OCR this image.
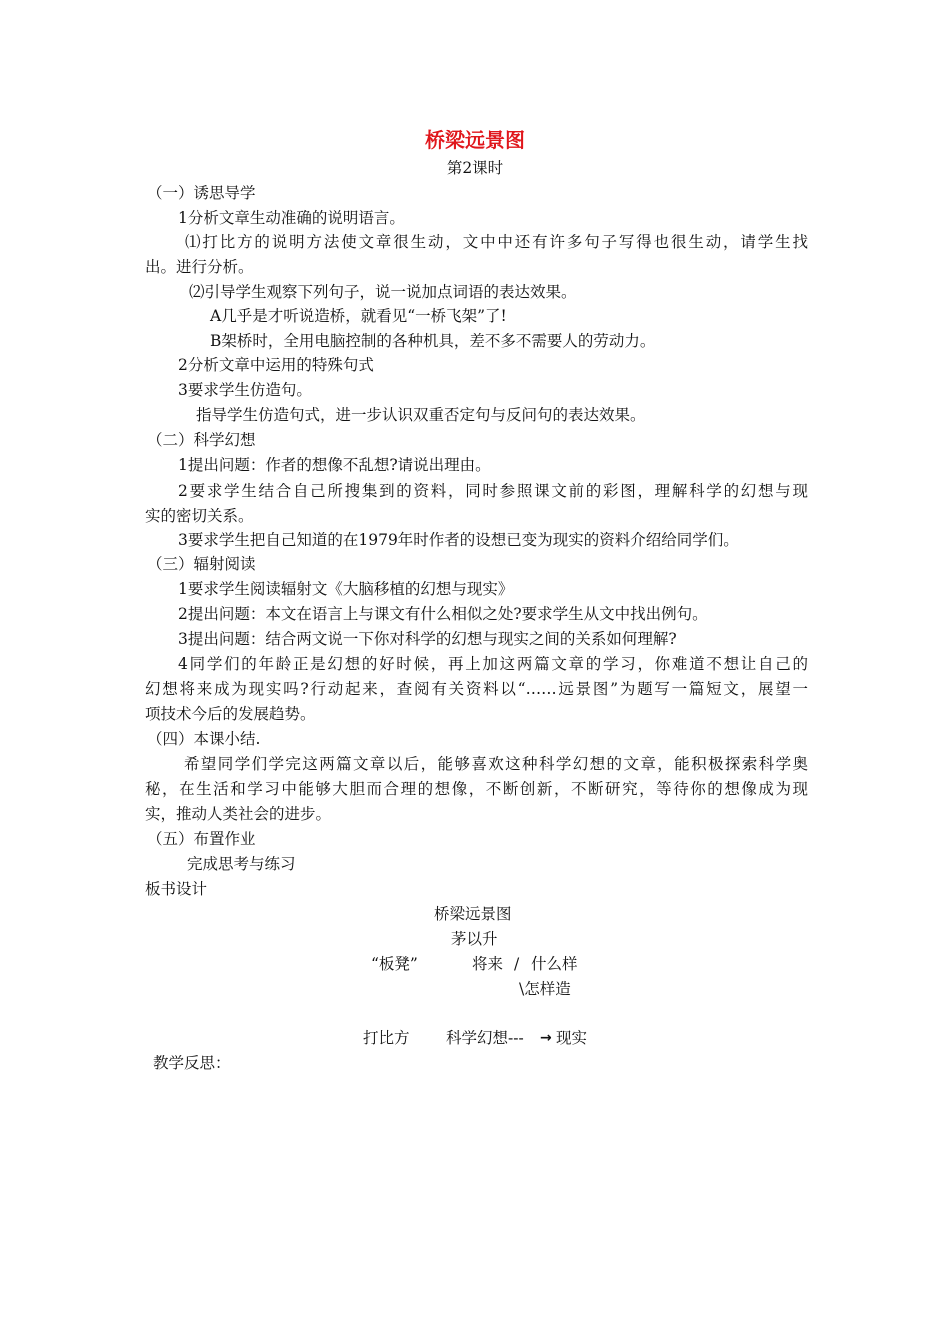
桥梁远景图
第2课时
（一）诱思导学
1分析文章生动准确的说明语言。
⑴打比方的说明方法使文章很生动，文中中还有许多句子写得也很生动，请学生找
出。进行分析。
⑵引导学生观察下列句子，说一说加点词语的表达效果。
A几乎是才听说造桥，就看见“一桥飞架”了!
B架桥时，全用电脑控制的各种机具，差不多不需要人的劳动力。
2分析文章中运用的特殊句式
3要求学生仿造句。
指导学生仿造句式，进一步认识双重否定句与反问句的表达效果。
（二）科学幻想
1提出问题：作者的想像不乱想?请说出理由。
2要求学生结合自己所搜集到的资料，同时参照课文前的彩图，理解科学的幻想与现
实的密切关系。
3要求学生把自己知道的在1979年时作者的设想已变为现实的资料介绍给同学们。
（三）辐射阅读
1要求学生阅读辐射文《大脑移植的幻想与现实》
2提出问题：本文在语言上与课文有什么相似之处?要求学生从文中找出例句。
3提出问题：结合两文说一下你对科学的幻想与现实之间的关系如何理解?
4同学们的年龄正是幻想的好时候，再上加这两篇文章的学习，你难道不想让自己的
幻想将来成为现实吗?行动起来，查阅有关资料以“……远景图”为题写一篇短文，展望一
项技术今后的发展趋势。
（四）本课小结.
希望同学们学完这两篇文章以后，能够喜欢这种科学幻想的文章，能积极探索科学奥
秘，在生活和学习中能够大胆而合理的想像，不断创新，不断研究，等待你的想像成为现
实，推动人类社会的进步。
（五）布置作业
完成思考与练习
板书设计
桥梁远景图
茅以升
“板凳”	将来 / 什么样
\怎样造
打比方 科学幻想--- → 现实
教学反思：
